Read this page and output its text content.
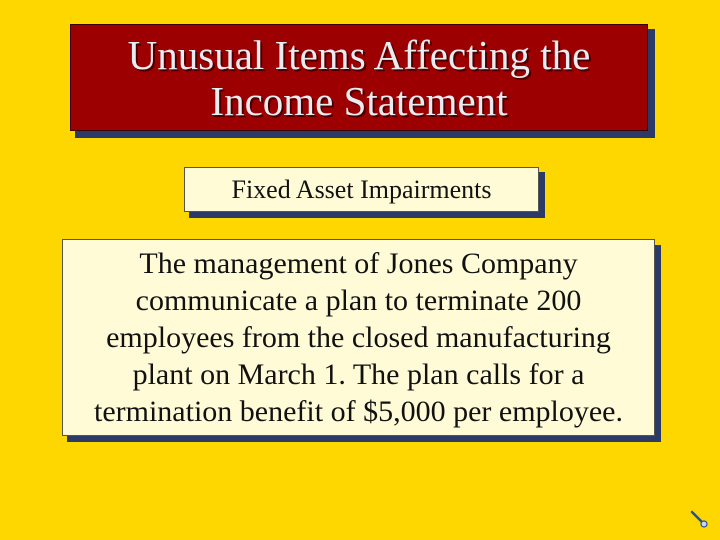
Unusual Items Affecting the
Income Statement
Fixed Asset Impairments
The management of Jones Company
communicate a plan to terminate 200
employees from the closed manufacturing
plant on March 1. The plan calls for a
termination benefit of $5,000 per employee.
